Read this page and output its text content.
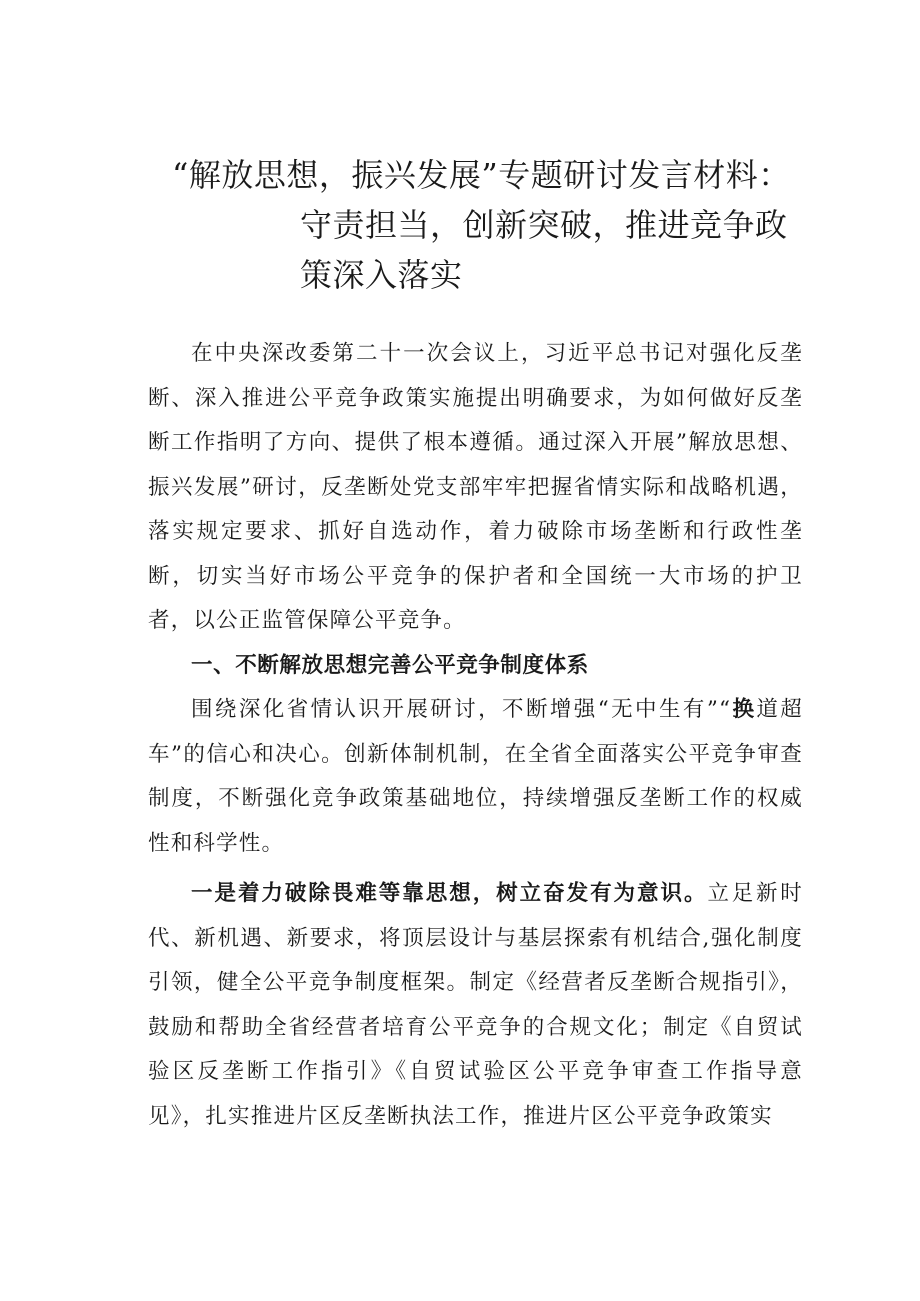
“解放思想，振兴发展”专题研讨发言材料：
守责担当，创新突破，推进竞争政
策深入落实

在中央深改委第二十一次会议上，习近平总书记对强化反垄断、深入推进公平竞争政策实施提出明确要求，为如何做好反垄断工作指明了方向、提供了根本遵循。通过深入开展”解放思想、振兴发展”研讨，反垄断处党支部牢牢把握省情实际和战略机遇，落实规定要求、抓好自选动作，着力破除市场垄断和行政性垄断，切实当好市场公平竞争的保护者和全国统一大市场的护卫者，以公正监管保障公平竞争。

一、不断解放思想完善公平竞争制度体系

围绕深化省情认识开展研讨，不断增强“无中生有”“换道超车”的信心和决心。创新体制机制，在全省全面落实公平竞争审查制度，不断强化竞争政策基础地位，持续增强反垄断工作的权威性和科学性。

一是着力破除畏难等靠思想，树立奋发有为意识。立足新时代、新机遇、新要求，将顶层设计与基层探索有机结合,强化制度引领，健全公平竞争制度框架。制定《经营者反垄断合规指引》，鼓励和帮助全省经营者培育公平竞争的合规文化；制定《自贸试验区反垄断工作指引》《自贸试验区公平竞争审查工作指导意见》，扎实推进片区反垄断执法工作，推进片区公平竞争政策实
